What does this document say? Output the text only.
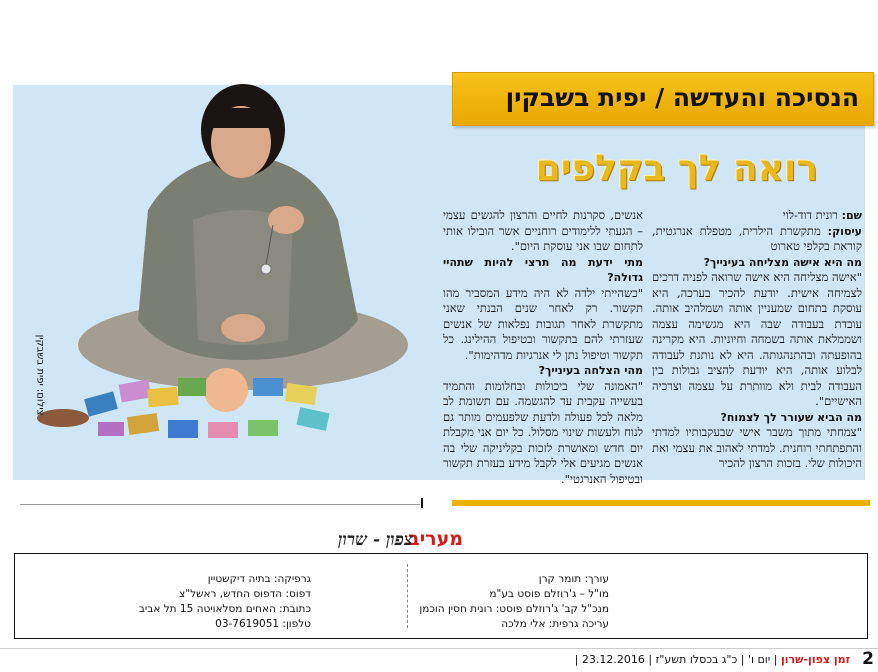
הנסיכה והעדשה / יפית בשבקין
רואה לך בקלפים
צילום: יפית בשבקין

שם: רונית דוד-לוי

עיסוק: מתקשרת הילרית, מטפלת אנרגטית, קוראת בקלפי טארוט

מה היא אישה מצליחה בעינייך?

"אישה מצליחה היא אישה שרואה לפניה דרכים לצמיחה אישית. יודעת להכיר בערכה, היא עוסקת בתחום שמעניין אותה ושמלהיב אותה. עובדת בעבודה שבה היא מגשימה עצמה ושממלאת אותה בשמחה וחיוניות. היא מקרינה בהופעתה ובהתנהגותה. היא לא נותנת לעבודה לבלוע אותה, היא יודעת להציב גבולות בין העבודה לבית ולא מוותרת על עצמה וצרכיה האישיים".

מה הביא שעורר לך לצמוח?

"צמחתי מתוך משבר אישי שבעקבותיו למדתי והתפתחתי רוחנית. למדתי לאהוב את עצמי ואת היכולות שלי. בזכות הרצון להכיר

אנשים, סקרנות לחיים והרצון להגשים עצמי – הגעתי ללימודים רוחניים אשר הובילו אותי לתחום שבו אני עוסקת היום".

מתי ידעת מה תרצי להיות שתהיי גדולה?

"כשהייתי ילדה לא היה מידע המסביר מהו תקשור. רק לאחר שנים הבנתי שאני מתקשרת לאחר תגובות נפלאות של אנשים שעזרתי להם בתקשור ובטיפול ההילינג. כל תקשור וטיפול נתן לי אנרגיות מדהימות".

מהי הצלחה בעינייך?

"האמונה שלי ביכולות ובחלומות והתמיד בעשייה עקבית עד להגשמה. עם תשומת לב מלאה לכל פעולה ולדעת שלפעמים מותר גם לנוח ולעשות שינוי מסלול. כל יום אני מקבלת יום חדש ומאושרת לזכות בקליניקה שלי בה אנשים מגיעים אלי לקבל מידע בעזרת תקשור ובטיפול האנרגטי".

מעריב
צפון - שרון
עורך: תומר קרן
מו"ל – ג'רוזלם פוסט בע"מ
מנכ"ל קב' ג'רוזלם פוסט: רונית חסין הוכמן
עריכה גרפית: אלי מלכה
גרפיקה: בתיה דיקשטיין
דפוס: הדפוס החדש, ראשל"צ
כתובת: האחים מסלאויטה 15 תל אביב
טלפון: 03-7619051
זמן צפון-שרון | יום ו' | כ"ג בכסלו תשע"ז | 23.12.2016 |	2
